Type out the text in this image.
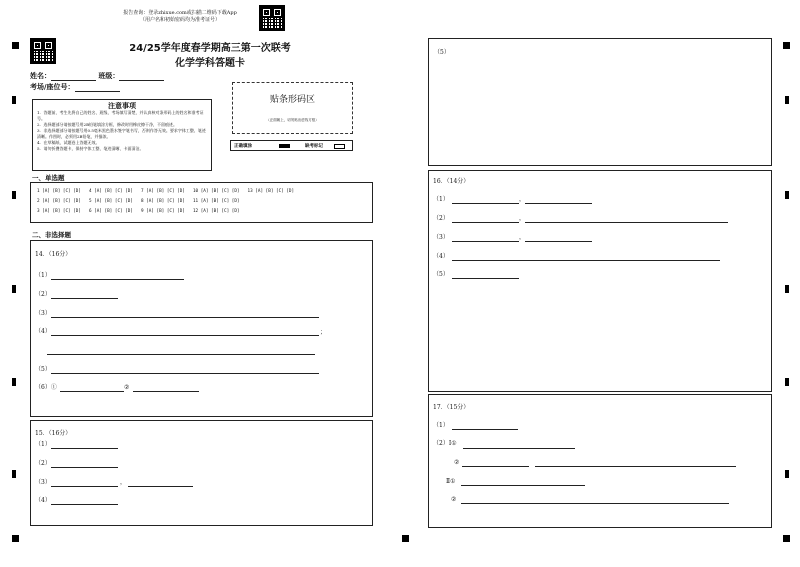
报告查询：登录zhixue.com或扫描二维码下载App
（用户名和初始密码均为准考证号）
24/25学年度春学期高三第一次联考
化学学科答题卡
姓名：	班级：
考场/座位号：
注意事项
1．答题前，考生先将自己的姓名、班级、考场填写清楚，并认真核对条形码上的姓名和准考证号。
2．选择题部分请按题号用2B铅笔填涂方框，修改时用橡皮擦干净，不留痕迹。
3．非选择题部分请按题号用0.5毫米黑色墨水签字笔书写，否则作答无效。要求字体工整、笔迹清晰。作图时，必须用2B铅笔，并描浓。
4．在草稿纸、试题卷上答题无效。
5．请勿折叠答题卡，保持字体工整、笔迹清晰、卡面清洁。
贴条形码区
（正面朝上，切勿贴出虚线方框）
正确填涂	缺考标记
一、单选题
1 [A] [B] [C] [D] 4 [A] [B] [C] [D] 7 [A] [B] [C] [D] 10 [A] [B] [C] [D] 13 [A] [B] [C] [D]
2 [A] [B] [C] [D] 5 [A] [B] [C] [D] 8 [A] [B] [C] [D] 11 [A] [B] [C] [D]
3 [A] [B] [C] [D] 6 [A] [B] [C] [D] 9 [A] [B] [C] [D] 12 [A] [B] [C] [D]
二、非选择题
14．（16分）
（1）
（2）
（3）
（4）	；
（5）
（6）①	②
15．（16分）
（1）
（2）
（3）	，
（4）
（5）
16．（14分）
（1）	，
（2）	，
（3）	，
（4）
（5）
17．（15分）
（1）
（2）Ⅰ①
②
Ⅱ①
②
